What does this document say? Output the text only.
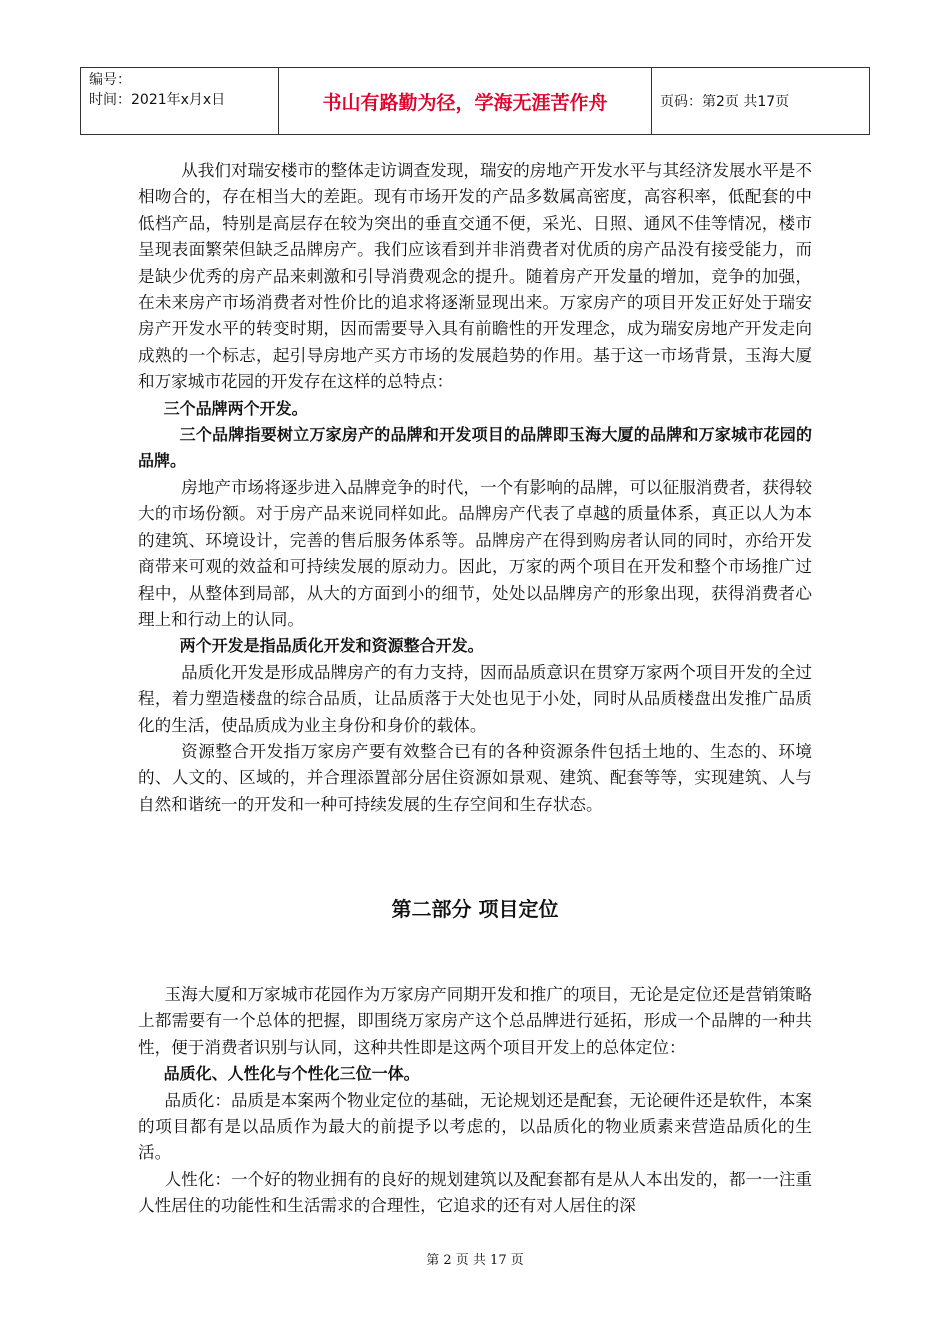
编号：
时间：2021年x月x日	书山有路勤为径，学海无涯苦作舟	页码：第2页 共17页

从我们对瑞安楼市的整体走访调查发现，瑞安的房地产开发水平与其经济发展水平是不相吻合的，存在相当大的差距。现有市场开发的产品多数属高密度，高容积率，低配套的中低档产品，特别是高层存在较为突出的垂直交通不便，采光、日照、通风不佳等情况，楼市呈现表面繁荣但缺乏品牌房产。我们应该看到并非消费者对优质的房产品没有接受能力，而是缺少优秀的房产品来刺激和引导消费观念的提升。随着房产开发量的增加，竞争的加强，在未来房产市场消费者对性价比的追求将逐渐显现出来。万家房产的项目开发正好处于瑞安房产开发水平的转变时期，因而需要导入具有前瞻性的开发理念，成为瑞安房地产开发走向成熟的一个标志，起引导房地产买方市场的发展趋势的作用。基于这一市场背景，玉海大厦和万家城市花园的开发存在这样的总特点：

三个品牌两个开发。

三个品牌指要树立万家房产的品牌和开发项目的品牌即玉海大厦的品牌和万家城市花园的品牌。

房地产市场将逐步进入品牌竞争的时代，一个有影响的品牌，可以征服消费者，获得较大的市场份额。对于房产品来说同样如此。品牌房产代表了卓越的质量体系，真正以人为本的建筑、环境设计，完善的售后服务体系等。品牌房产在得到购房者认同的同时，亦给开发商带来可观的效益和可持续发展的原动力。因此，万家的两个项目在开发和整个市场推广过程中，从整体到局部，从大的方面到小的细节，处处以品牌房产的形象出现，获得消费者心理上和行动上的认同。

两个开发是指品质化开发和资源整合开发。

品质化开发是形成品牌房产的有力支持，因而品质意识在贯穿万家两个项目开发的全过程，着力塑造楼盘的综合品质，让品质落于大处也见于小处，同时从品质楼盘出发推广品质化的生活，使品质成为业主身份和身价的载体。

资源整合开发指万家房产要有效整合已有的各种资源条件包括土地的、生态的、环境的、人文的、区域的，并合理添置部分居住资源如景观、建筑、配套等等，实现建筑、人与自然和谐统一的开发和一种可持续发展的生存空间和生存状态。

第二部分 项目定位

玉海大厦和万家城市花园作为万家房产同期开发和推广的项目，无论是定位还是营销策略上都需要有一个总体的把握，即围绕万家房产这个总品牌进行延拓，形成一个品牌的一种共性，便于消费者识别与认同，这种共性即是这两个项目开发上的总体定位：

品质化、人性化与个性化三位一体。

品质化：品质是本案两个物业定位的基础，无论规划还是配套，无论硬件还是软件，本案的项目都有是以品质作为最大的前提予以考虑的，以品质化的物业质素来营造品质化的生活。

人性化：一个好的物业拥有的良好的规划建筑以及配套都有是从人本出发的，都一一注重人性居住的功能性和生活需求的合理性，它追求的还有对人居住的深

第 2 页 共 17 页
